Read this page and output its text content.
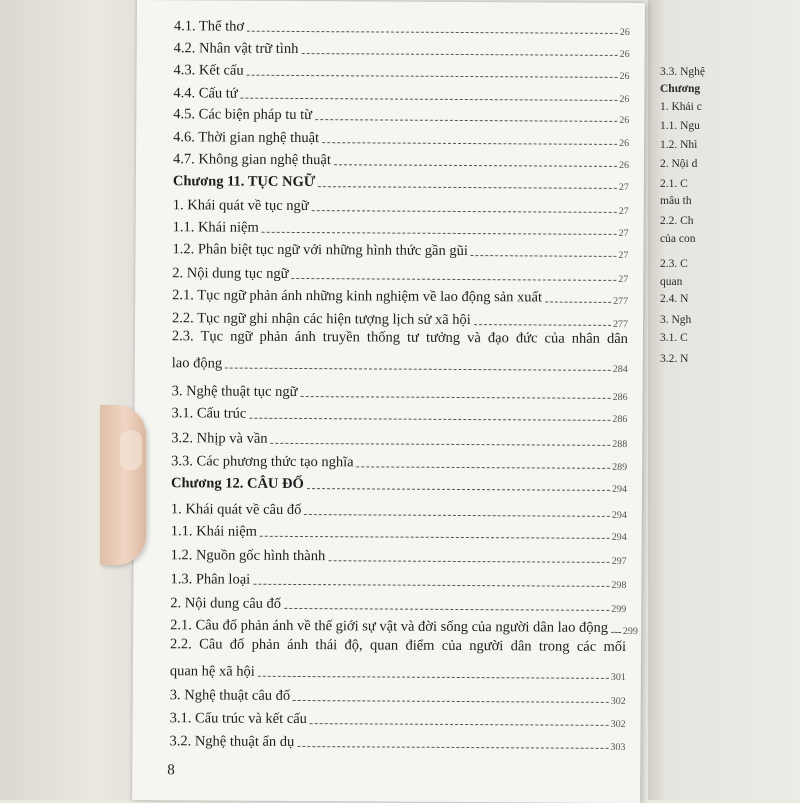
3.3. Nghệ
Chương
1. Khái c
1.1. Ngu
1.2. Nhì
2. Nội d
2.1. C
mâu th
2.2. Ch
của con
2.3. C
quan
2.4. N
3. Ngh
3.1. C
3.2. N
8
4.1. Thể thơ	26
4.2. Nhân vật trữ tình	26
4.3. Kết cấu	26
4.4. Cấu tứ	26
4.5. Các biện pháp tu từ	26
4.6. Thời gian nghệ thuật	26
4.7. Không gian nghệ thuật	26
Chương 11. TỤC NGỮ	27
1. Khái quát về tục ngữ	27
1.1. Khái niệm	27
1.2. Phân biệt tục ngữ với những hình thức gần gũi	27
2. Nội dung tục ngữ	27
2.1. Tục ngữ phản ánh những kinh nghiệm về lao động sản xuất	277
2.2. Tục ngữ ghi nhận các hiện tượng lịch sử xã hội	277
2.3. Tục ngữ phản ánh truyền thống tư tưởng và đạo đức của nhân dân
lao động	284
3. Nghệ thuật tục ngữ	286
3.1. Cấu trúc	286
3.2. Nhịp và vần	288
3.3. Các phương thức tạo nghĩa	289
Chương 12. CÂU ĐỐ	294
1. Khái quát về câu đố	294
1.1. Khái niệm	294
1.2. Nguồn gốc hình thành	297
1.3. Phân loại	298
2. Nội dung câu đố	299
2.1. Câu đố phản ánh về thế giới sự vật và đời sống của người dân lao động 299
2.2. Câu đố phản ánh thái độ, quan điểm của người dân trong các mối
quan hệ xã hội	301
3. Nghệ thuật câu đố	302
3.1. Cấu trúc và kết cấu	302
3.2. Nghệ thuật ẩn dụ	303
